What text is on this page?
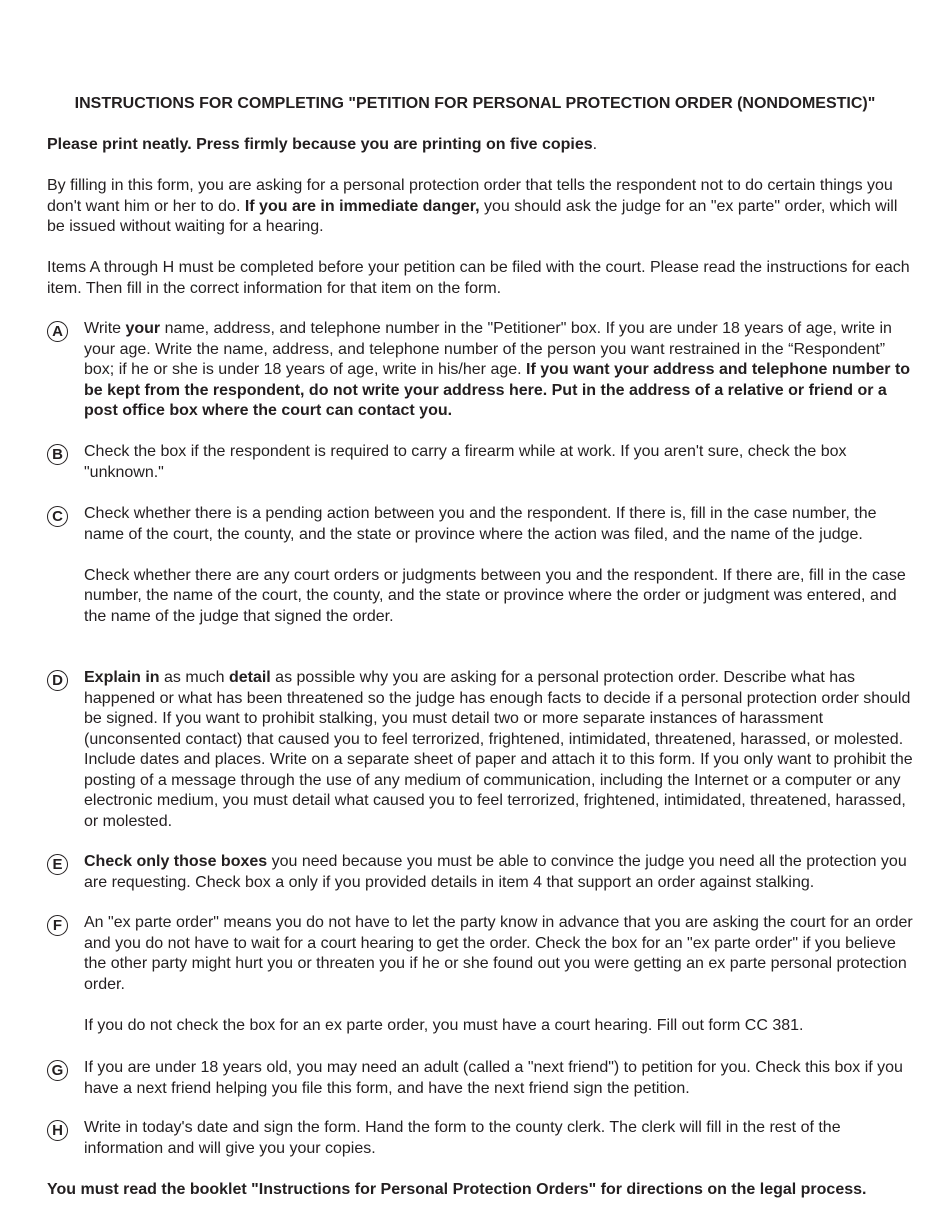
INSTRUCTIONS FOR COMPLETING "PETITION FOR PERSONAL PROTECTION ORDER (NONDOMESTIC)"
Please print neatly. Press firmly because you are printing on five copies.
By filling in this form, you are asking for a personal protection order that tells the respondent not to do certain things you don't want him or her to do. If you are in immediate danger, you should ask the judge for an "ex parte" order, which will be issued without waiting for a hearing.
Items A through H must be completed before your petition can be filed with the court. Please read the instructions for each item. Then fill in the correct information for that item on the form.
A	Write your name, address, and telephone number in the "Petitioner" box. If you are under 18 years of age, write in your age. Write the name, address, and telephone number of the person you want restrained in the “Respondent” box; if he or she is under 18 years of age, write in his/her age. If you want your address and telephone number to be kept from the respondent, do not write your address here. Put in the address of a relative or friend or a post office box where the court can contact you.
B	Check the box if the respondent is required to carry a firearm while at work. If you aren't sure, check the box "unknown."
C	Check whether there is a pending action between you and the respondent. If there is, fill in the case number, the name of the court, the county, and the state or province where the action was filed, and the name of the judge.

Check whether there are any court orders or judgments between you and the respondent. If there are, fill in the case number, the name of the court, the county, and the state or province where the order or judgment was entered, and the name of the judge that signed the order.

D	Explain in as much detail as possible why you are asking for a personal protection order. Describe what has happened or what has been threatened so the judge has enough facts to decide if a personal protection order should be signed. If you want to prohibit stalking, you must detail two or more separate instances of harassment (unconsented contact) that caused you to feel terrorized, frightened, intimidated, threatened, harassed, or molested. Include dates and places. Write on a separate sheet of paper and attach it to this form. If you only want to prohibit the posting of a message through the use of any medium of communication, including the Internet or a computer or any electronic medium, you must detail what caused you to feel terrorized, frightened, intimidated, threatened, harassed, or molested.
E	Check only those boxes you need because you must be able to convince the judge you need all the protection you are requesting. Check box a only if you provided details in item 4 that support an order against stalking.
F	An "ex parte order" means you do not have to let the party know in advance that you are asking the court for an order and you do not have to wait for a court hearing to get the order. Check the box for an "ex parte order" if you believe the other party might hurt you or threaten you if he or she found out you were getting an ex parte personal protection order.

If you do not check the box for an ex parte order, you must have a court hearing. Fill out form CC 381.

G If you are under 18 years old, you may need an adult (called a "next friend") to petition for you. Check this box if you have a next friend helping you file this form, and have the next friend sign the petition.
H	Write in today's date and sign the form. Hand the form to the county clerk. The clerk will fill in the rest of the information and will give you your copies.
You must read the booklet "Instructions for Personal Protection Orders" for directions on the legal process.
